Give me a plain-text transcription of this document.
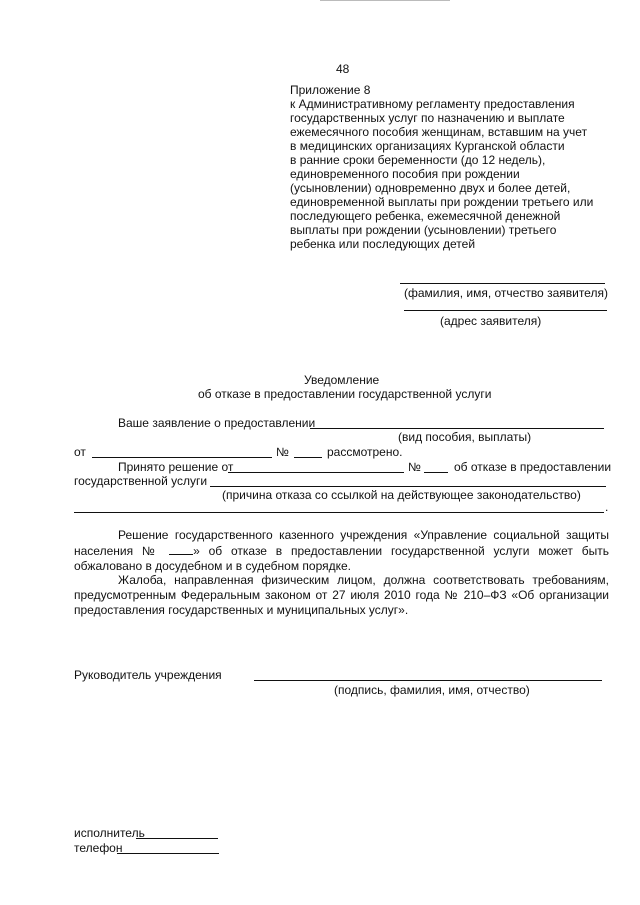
48
Приложение 8
к Административному регламенту предоставления
государственных услуг по назначению и выплате
ежемесячного пособия женщинам, вставшим на учет
в медицинских организациях Курганской области
в ранние сроки беременности (до 12 недель),
единовременного пособия при рождении
(усыновлении) одновременно двух и более детей,
единовременной выплаты при рождении третьего или
последующего ребенка, ежемесячной денежной
выплаты при рождении (усыновлении) третьего
ребенка или последующих детей
(фамилия, имя, отчество заявителя)
(адрес заявителя)
Уведомление
об отказе в предоставлении государственной услуги
Ваше заявление о предоставлении
(вид пособия, выплаты)
от	№	рассмотрено.
Принято решение от	№	об отказе в предоставлении
государственной услуги
(причина отказа со ссылкой на действующее законодательство)
.
Решение государственного казенного учреждения «Управление социальной защиты населения №	» об отказе в предоставлении государственной услуги может быть обжаловано в досудебном и в судебном порядке.
Жалоба, направленная физическим лицом, должна соответствовать требованиям, предусмотренным Федеральным законом от 27 июля 2010 года № 210–ФЗ «Об организации предоставления государственных и муниципальных услуг».
Руководитель учреждения
(подпись, фамилия, имя, отчество)
исполнитель
телефон
